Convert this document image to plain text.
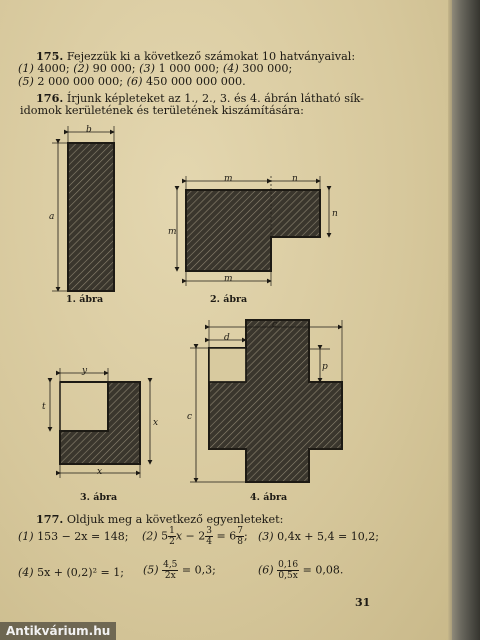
175. Fejezzük ki a következő számokat 10 hatványaival:
(1) 4000; (2) 90 000; (3) 1 000 000; (4) 300 000;
(5) 2 000 000 000; (6) 450 000 000 000.
176. Írjunk képleteket az 1., 2., 3. és 4. ábrán látható sík-
idomok kerületének és területének kiszámítására:
b
a
1. ábra
m	n
m
n
m
2. ábra
y
t
x
x
3. ábra
c
d
p
c
4. ábra
177. Oldjuk meg a következő egyenleteket:
(1) 153 − 2x = 148; (2) $5 \frac{1}{2}$ $x - 2 \frac{3}{4} = 6 \frac{7}{8}$ ; (3) 0,4x + 5,4 = 10,2;
(4) 5x + (0,2)² = 1; $(5) \frac{4,5}{2x} = 0,3$;	$(6) \frac{0,16}{0,5x} = 0,08$.
31
Antikvárium.hu
